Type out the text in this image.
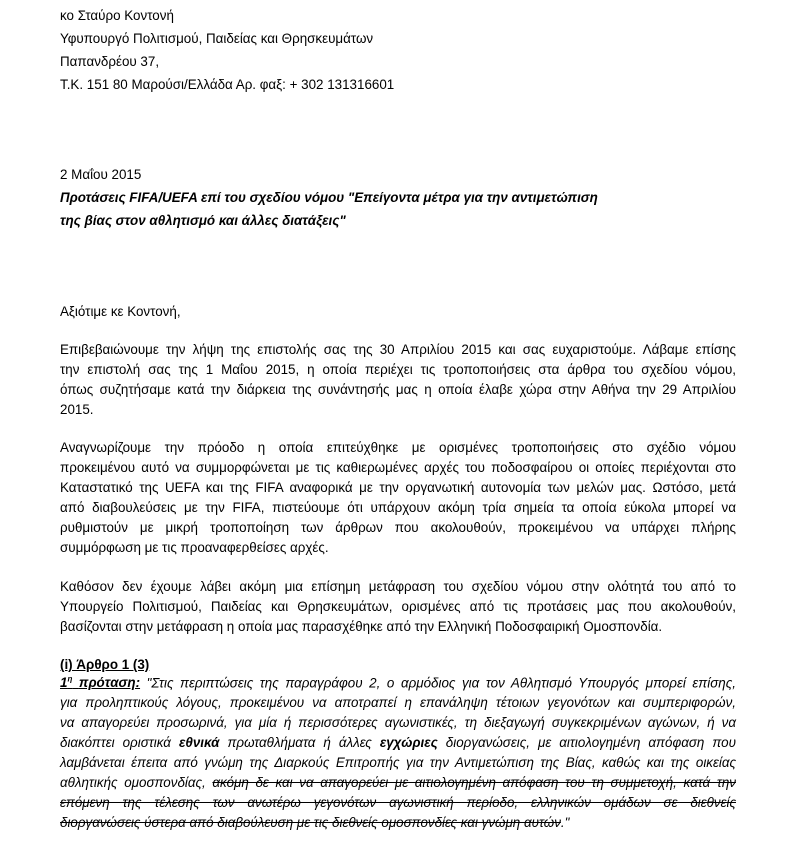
κο Σταύρο Κοντονή
Υφυπουργό Πολιτισμού, Παιδείας και Θρησκευμάτων
Παπανδρέου 37,
Τ.Κ. 151 80 Μαρούσι/Ελλάδα Αρ. φαξ: + 302 131316601
2 Μαΐου 2015
Προτάσεις FIFA/UEFA επί του σχεδίου νόμου "Επείγοντα μέτρα για την αντιμετώπιση
της βίας στον αθλητισμό και άλλες διατάξεις"
Αξιότιμε κε Κοντονή,
Επιβεβαιώνουμε την λήψη της επιστολής σας της 30 Απριλίου 2015 και σας ευχαριστούμε. Λάβαμε επίσης
την επιστολή σας της 1 Μαΐου 2015, η οποία περιέχει τις τροποποιήσεις στα άρθρα του σχεδίου νόμου,
όπως συζητήσαμε κατά την διάρκεια της συνάντησής μας η οποία έλαβε χώρα στην Αθήνα την 29 Απριλίου
2015.
Αναγνωρίζουμε την πρόοδο η οποία επιτεύχθηκε με ορισμένες τροποποιήσεις στο σχέδιο νόμου
προκειμένου αυτό να συμμορφώνεται με τις καθιερωμένες αρχές του ποδοσφαίρου οι οποίες περιέχονται στο
Καταστατικό της UEFA και της FIFA αναφορικά με την οργανωτική αυτονομία των μελών μας. Ωστόσο, μετά
από διαβουλεύσεις με την FIFA, πιστεύουμε ότι υπάρχουν ακόμη τρία σημεία τα οποία εύκολα μπορεί να
ρυθμιστούν με μικρή τροποποίηση των άρθρων που ακολουθούν, προκειμένου να υπάρχει πλήρης
συμμόρφωση με τις προαναφερθείσες αρχές.
Καθόσον δεν έχουμε λάβει ακόμη μια επίσημη μετάφραση του σχεδίου νόμου στην ολότητά του από το
Υπουργείο Πολιτισμού, Παιδείας και Θρησκευμάτων, ορισμένες από τις προτάσεις μας που ακολουθούν,
βασίζονται στην μετάφραση η οποία μας παρασχέθηκε από την Ελληνική Ποδοσφαιρική Ομοσπονδία.
(i) Άρθρο 1 (3)
$1^\eta$ πρόταση: "Στις περιπτώσεις της παραγράφου 2, ο αρμόδιος για τον Αθλητισμό Υπουργός μπορεί επίσης,
για προληπτικούς λόγους, προκειμένου να αποτραπεί η επανάληψη τέτοιων γεγονότων και συμπεριφορών,
να απαγορεύει προσωρινά, για μία ή περισσότερες αγωνιστικές, τη διεξαγωγή συγκεκριμένων αγώνων, ή να
διακόπτει οριστικά εθνικά πρωταθλήματα ή άλλες εγχώριες διοργανώσεις, με αιτιολογημένη απόφαση που
λαμβάνεται έπειτα από γνώμη της Διαρκούς Επιτροπής για την Αντιμετώπιση της Βίας, καθώς και της οικείας
αθλητικής ομοσπονδίας, ακόμη δε και να απαγορεύει με αιτιολογημένη απόφαση του τη συμμετοχή, κατά την
επόμενη της τέλεσης των ανωτέρω γεγονότων αγωνιστική περίοδο, ελληνικών ομάδων σε διεθνείς
διοργανώσεις ύστερα από διαβούλευση με τις διεθνείς ομοσπονδίες και γνώμη αυτών."
